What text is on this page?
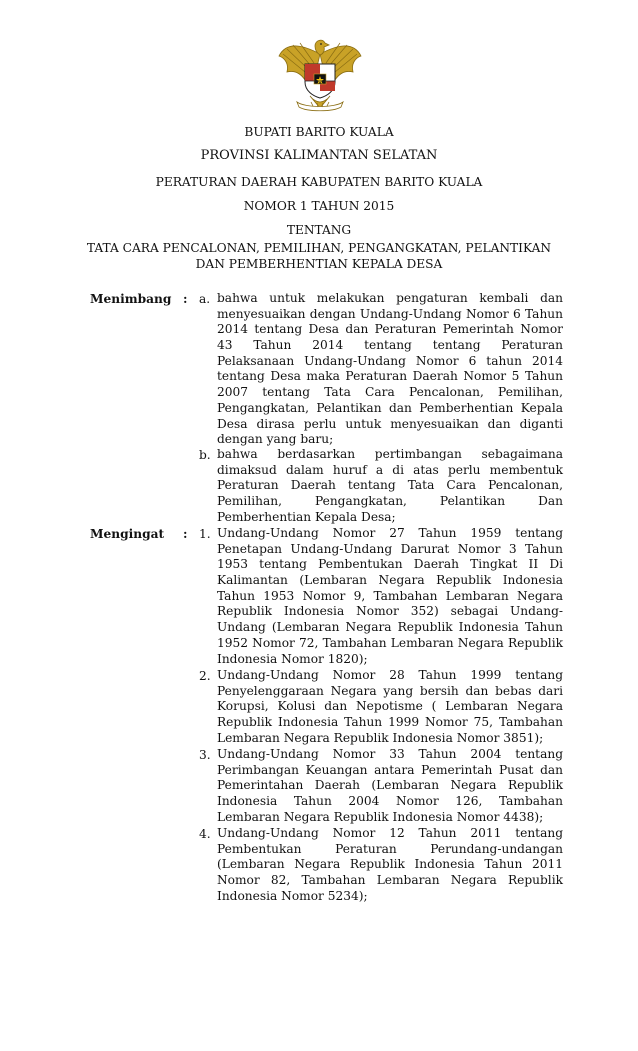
BUPATI BARITO KUALA
PROVINSI KALIMANTAN SELATAN
PERATURAN DAERAH KABUPATEN BARITO KUALA
NOMOR 1 TAHUN 2015
TENTANG
TATA CARA PENCALONAN, PEMILIHAN, PENGANGKATAN, PELANTIKAN
DAN PEMBERHENTIAN KEPALA DESA
Menimbang : a. bahwa untuk melakukan pengaturan kembali dan
menyesuaikan dengan Undang-Undang Nomor 6 Tahun
2014 tentang Desa dan Peraturan Pemerintah Nomor
43 Tahun 2014 tentang tentang Peraturan
Pelaksanaan Undang-Undang Nomor 6 tahun 2014
tentang Desa maka Peraturan Daerah Nomor 5 Tahun
2007 tentang Tata Cara Pencalonan, Pemilihan,
Pengangkatan, Pelantikan dan Pemberhentian Kepala
Desa dirasa perlu untuk menyesuaikan dan diganti
dengan yang baru;
b. bahwa berdasarkan pertimbangan sebagaimana
dimaksud dalam huruf a di atas perlu membentuk
Peraturan Daerah tentang Tata Cara Pencalonan,
Pemilihan, Pengangkatan, Pelantikan Dan
Pemberhentian Kepala Desa;
Mengingat : 1. Undang-Undang Nomor 27 Tahun 1959 tentang
Penetapan Undang-Undang Darurat Nomor 3 Tahun
1953 tentang Pembentukan Daerah Tingkat II Di
Kalimantan (Lembaran Negara Republik Indonesia
Tahun 1953 Nomor 9, Tambahan Lembaran Negara
Republik Indonesia Nomor 352) sebagai Undang-
Undang (Lembaran Negara Republik Indonesia Tahun
1952 Nomor 72, Tambahan Lembaran Negara Republik
Indonesia Nomor 1820);
2. Undang-Undang Nomor 28 Tahun 1999 tentang
Penyelenggaraan Negara yang bersih dan bebas dari
Korupsi, Kolusi dan Nepotisme ( Lembaran Negara
Republik Indonesia Tahun 1999 Nomor 75, Tambahan
Lembaran Negara Republik Indonesia Nomor 3851);
3. Undang-Undang Nomor 33 Tahun 2004 tentang
Perimbangan Keuangan antara Pemerintah Pusat dan
Pemerintahan Daerah (Lembaran Negara Republik
Indonesia Tahun 2004 Nomor 126, Tambahan
Lembaran Negara Republik Indonesia Nomor 4438);
4. Undang-Undang Nomor 12 Tahun 2011 tentang
Pembentukan Peraturan Perundang-undangan
(Lembaran Negara Republik Indonesia Tahun 2011
Nomor 82, Tambahan Lembaran Negara Republik
Indonesia Nomor 5234);
